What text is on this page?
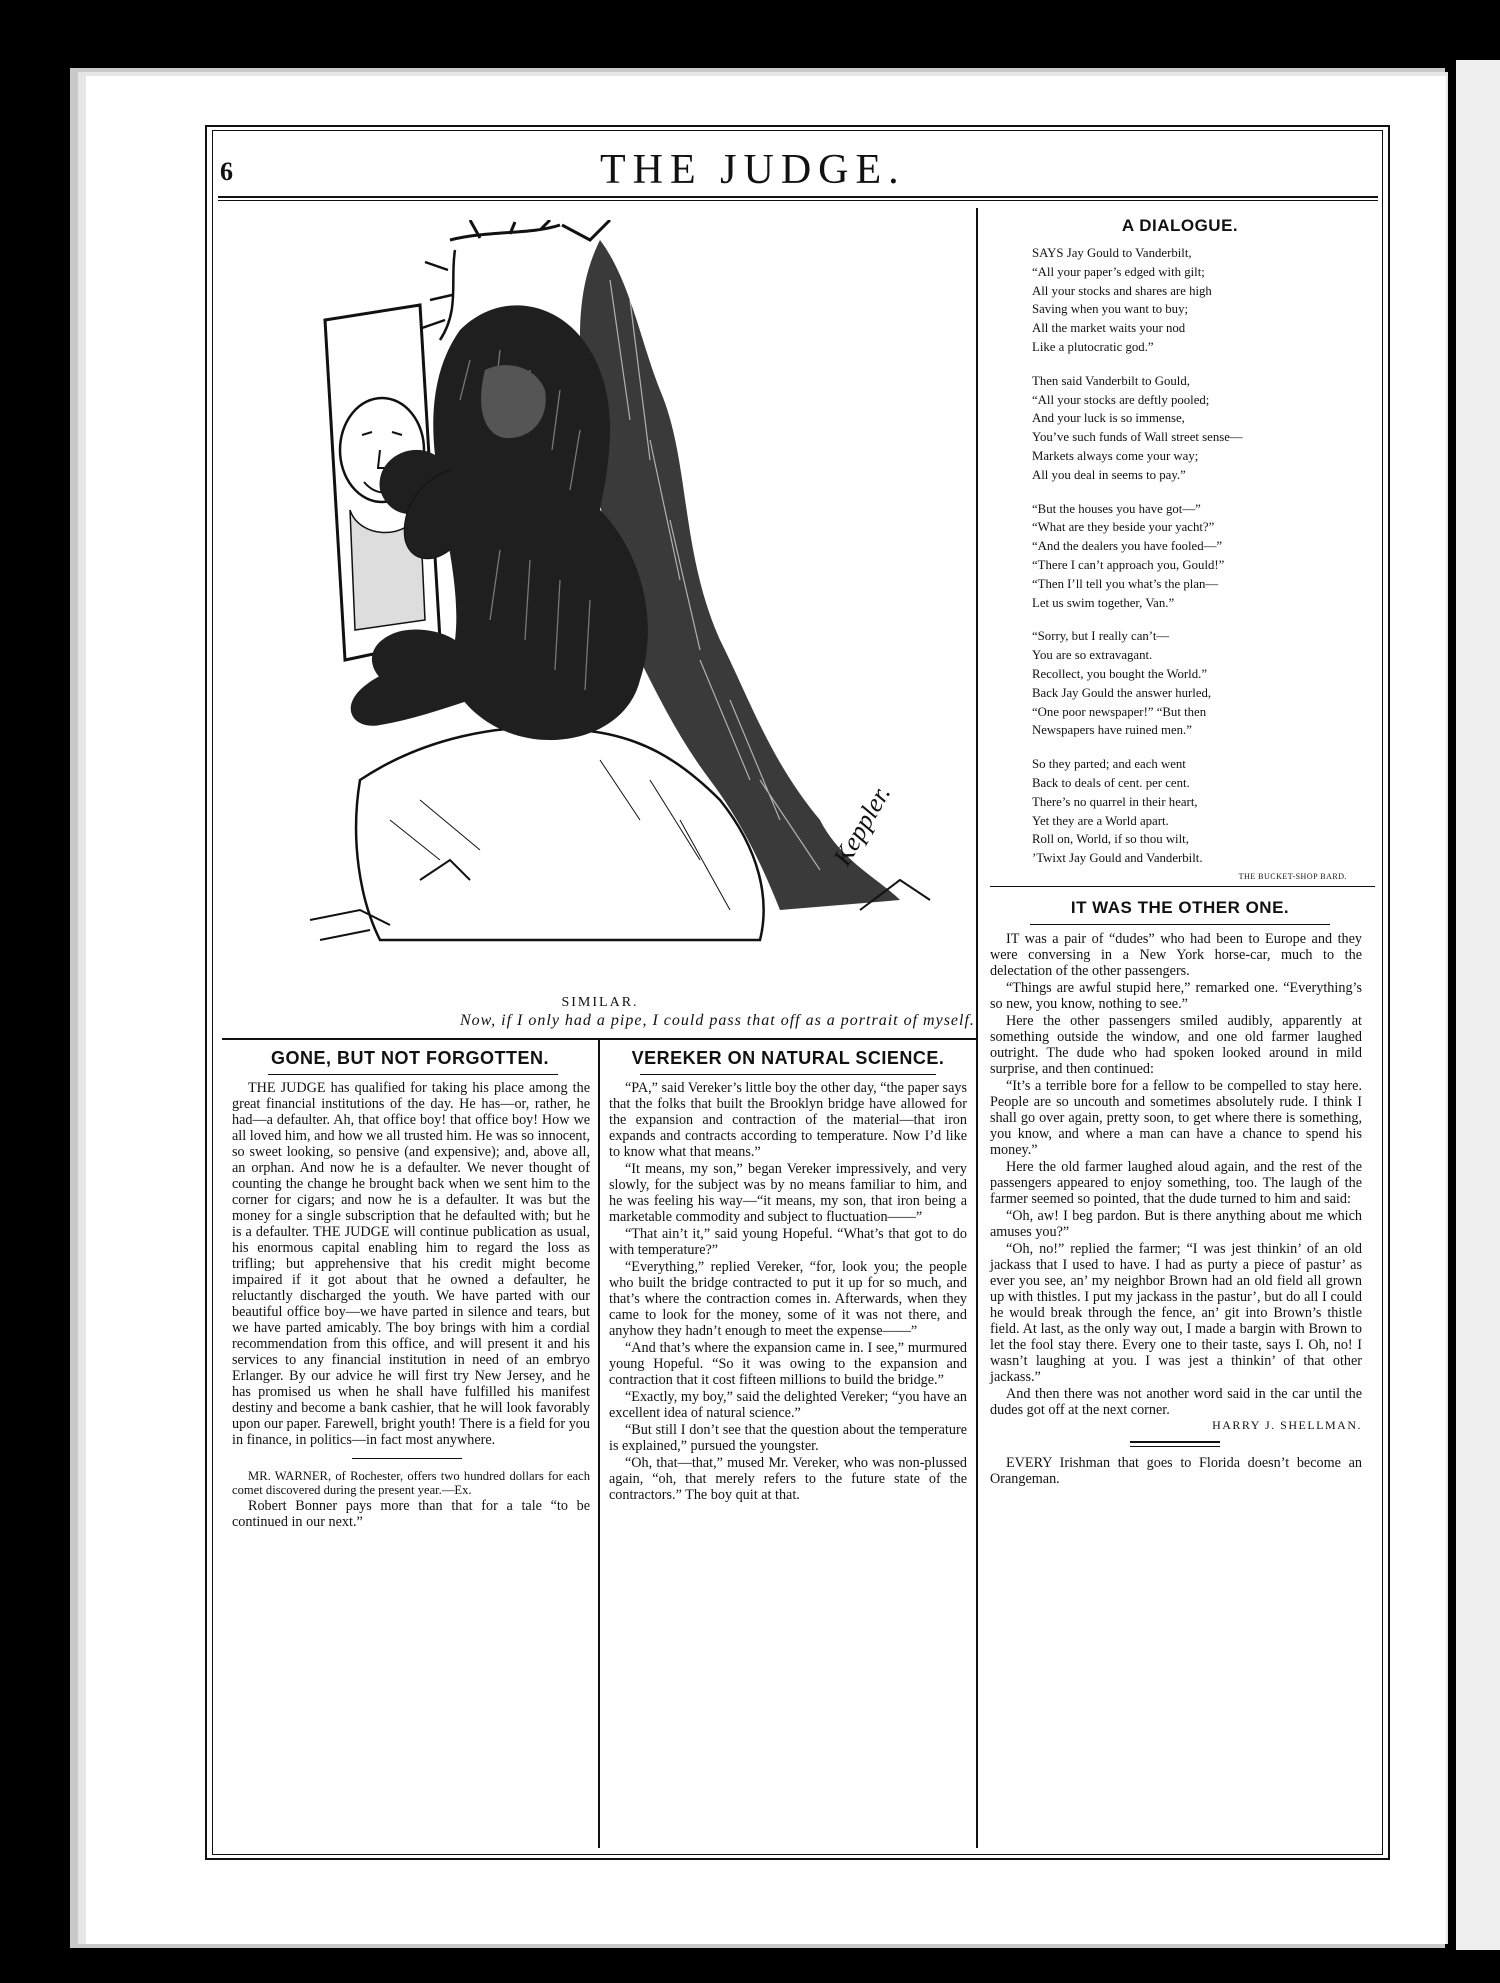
6	THE JUDGE.
Keppler.
SIMILAR.
Now, if I only had a pipe, I could pass that off as a portrait of myself.
GONE, BUT NOT FORGOTTEN.

THE JUDGE has qualified for taking his place among the great financial institutions of the day. He has—or, rather, he had—a defaulter. Ah, that office boy! that office boy! How we all loved him, and how we all trusted him. He was so innocent, so sweet looking, so pensive (and expensive); and, above all, an orphan. And now he is a defaulter. We never thought of counting the change he brought back when we sent him to the corner for cigars; and now he is a defaulter. It was but the money for a single subscription that he defaulted with; but he is a defaulter. THE JUDGE will continue publication as usual, his enormous capital enabling him to regard the loss as trifling; but apprehensive that his credit might become impaired if it got about that he owned a defaulter, he reluctantly discharged the youth. We have parted with our beautiful office boy—we have parted in silence and tears, but we have parted amicably. The boy brings with him a cordial recommendation from this office, and will present it and his services to any financial institution in need of an embryo Erlanger. By our advice he will first try New Jersey, and he has promised us when he shall have fulfilled his manifest destiny and become a bank cashier, that he will look favorably upon our paper. Farewell, bright youth! There is a field for you in finance, in politics—in fact most anywhere.

MR. WARNER, of Rochester, offers two hundred dollars for each comet discovered during the present year.—Ex.

Robert Bonner pays more than that for a tale “to be continued in our next.”

VEREKER ON NATURAL SCIENCE.

“PA,” said Vereker’s little boy the other day, “the paper says that the folks that built the Brooklyn bridge have allowed for the expansion and contraction of the material—that iron expands and contracts according to temperature. Now I’d like to know what that means.”

“It means, my son,” began Vereker impressively, and very slowly, for the subject was by no means familiar to him, and he was feeling his way—“it means, my son, that iron being a marketable commodity and subject to fluctuation——”

“That ain’t it,” said young Hopeful. “What’s that got to do with temperature?”

“Everything,” replied Vereker, “for, look you; the people who built the bridge contracted to put it up for so much, and that’s where the contraction comes in. Afterwards, when they came to look for the money, some of it was not there, and anyhow they hadn’t enough to meet the expense——”

“And that’s where the expansion came in. I see,” murmured young Hopeful. “So it was owing to the expansion and contraction that it cost fifteen millions to build the bridge.”

“Exactly, my boy,” said the delighted Vereker; “you have an excellent idea of natural science.”

“But still I don’t see that the question about the temperature is explained,” pursued the youngster.

“Oh, that—that,” mused Mr. Vereker, who was non-plussed again, “oh, that merely refers to the future state of the contractors.” The boy quit at that.

A DIALOGUE.
SAYS Jay Gould to Vanderbilt,
“All your paper’s edged with gilt;
All your stocks and shares are high
Saving when you want to buy;
All the market waits your nod
Like a plutocratic god.”
Then said Vanderbilt to Gould,
“All your stocks are deftly pooled;
And your luck is so immense,
You’ve such funds of Wall street sense—
Markets always come your way;
All you deal in seems to pay.”
“But the houses you have got—”
“What are they beside your yacht?”
“And the dealers you have fooled—”
“There I can’t approach you, Gould!”
“Then I’ll tell you what’s the plan—
Let us swim together, Van.”
“Sorry, but I really can’t—
You are so extravagant.
Recollect, you bought the World.”
Back Jay Gould the answer hurled,
“One poor newspaper!” “But then
Newspapers have ruined men.”
So they parted; and each went
Back to deals of cent. per cent.
There’s no quarrel in their heart,
Yet they are a World apart.
Roll on, World, if so thou wilt,
’Twixt Jay Gould and Vanderbilt.
THE BUCKET-SHOP BARD.
IT WAS THE OTHER ONE.

IT was a pair of “dudes” who had been to Europe and they were conversing in a New York horse-car, much to the delectation of the other passengers.

“Things are awful stupid here,” remarked one. “Everything’s so new, you know, nothing to see.”

Here the other passengers smiled audibly, apparently at something outside the window, and one old farmer laughed outright. The dude who had spoken looked around in mild surprise, and then continued:

“It’s a terrible bore for a fellow to be compelled to stay here. People are so uncouth and sometimes absolutely rude. I think I shall go over again, pretty soon, to get where there is something, you know, and where a man can have a chance to spend his money.”

Here the old farmer laughed aloud again, and the rest of the passengers appeared to enjoy something, too. The laugh of the farmer seemed so pointed, that the dude turned to him and said:

“Oh, aw! I beg pardon. But is there anything about me which amuses you?”

“Oh, no!” replied the farmer; “I was jest thinkin’ of an old jackass that I used to have. I had as purty a piece of pastur’ as ever you see, an’ my neighbor Brown had an old field all grown up with thistles. I put my jackass in the pastur’, but do all I could he would break through the fence, an’ git into Brown’s thistle field. At last, as the only way out, I made a bargin with Brown to let the fool stay there. Every one to their taste, says I. Oh, no! I wasn’t laughing at you. I was jest a thinkin’ of that other jackass.”

And then there was not another word said in the car until the dudes got off at the next corner.

HARRY J. SHELLMAN.

EVERY Irishman that goes to Florida doesn’t become an Orangeman.

comicbooks.com
